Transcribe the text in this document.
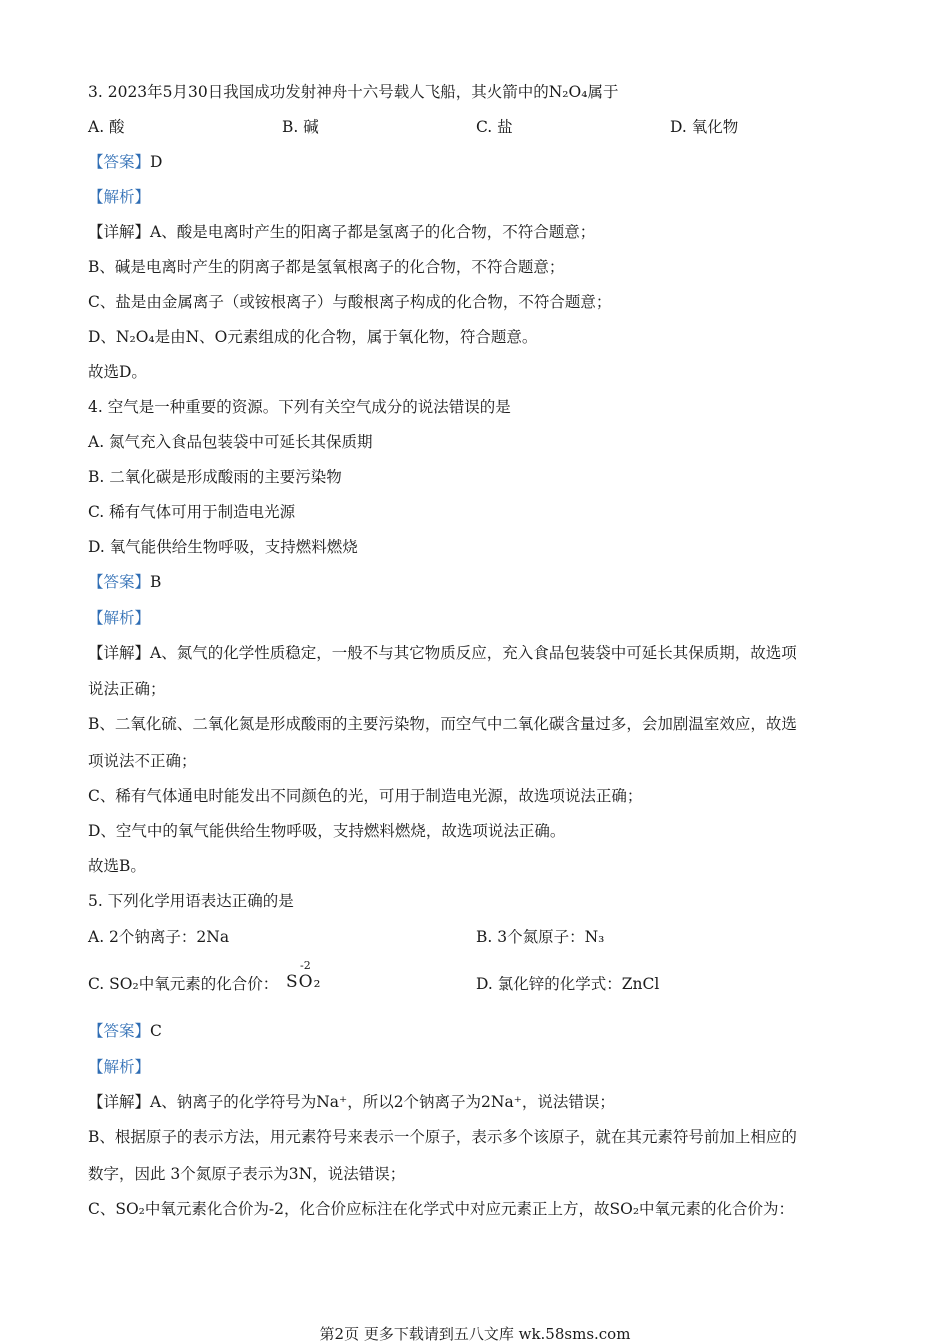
3. 2023年5月30日我国成功发射神舟十六号载人飞船，其火箭中的N₂O₄属于
A. 酸	B. 碱	C. 盐	D. 氧化物
【答案】D
【解析】
【详解】A、酸是电离时产生的阳离子都是氢离子的化合物，不符合题意；
B、碱是电离时产生的阴离子都是氢氧根离子的化合物，不符合题意；
C、盐是由金属离子（或铵根离子）与酸根离子构成的化合物，不符合题意；
D、N₂O₄是由N、O元素组成的化合物，属于氧化物，符合题意。
故选D。
4. 空气是一种重要的资源。下列有关空气成分的说法错误的是
A. 氮气充入食品包装袋中可延长其保质期
B. 二氧化碳是形成酸雨的主要污染物
C. 稀有气体可用于制造电光源
D. 氧气能供给生物呼吸，支持燃料燃烧
【答案】B
【解析】
【详解】A、氮气的化学性质稳定，一般不与其它物质反应，充入食品包装袋中可延长其保质期，故选项
说法正确；
B、二氧化硫、二氧化氮是形成酸雨的主要污染物，而空气中二氧化碳含量过多，会加剧温室效应，故选
项说法不正确；
C、稀有气体通电时能发出不同颜色的光，可用于制造电光源，故选项说法正确；
D、空气中的氧气能供给生物呼吸，支持燃料燃烧，故选项说法正确。
故选B。
5. 下列化学用语表达正确的是
A. 2个钠离子：2Na	B. 3个氮原子：N₃
C. SO₂中氧元素的化合价：
-2
SO₂	D. 氯化锌的化学式：ZnCl
【答案】C
【解析】
【详解】A、钠离子的化学符号为Na⁺，所以2个钠离子为2Na⁺，说法错误；
B、根据原子的表示方法，用元素符号来表示一个原子，表示多个该原子，就在其元素符号前加上相应的
数字，因此 3个氮原子表示为3N，说法错误；
C、SO₂中氧元素化合价为-2，化合价应标注在化学式中对应元素正上方，故SO₂中氧元素的化合价为：
第2页 更多下载请到五八文库 wk.58sms.com
